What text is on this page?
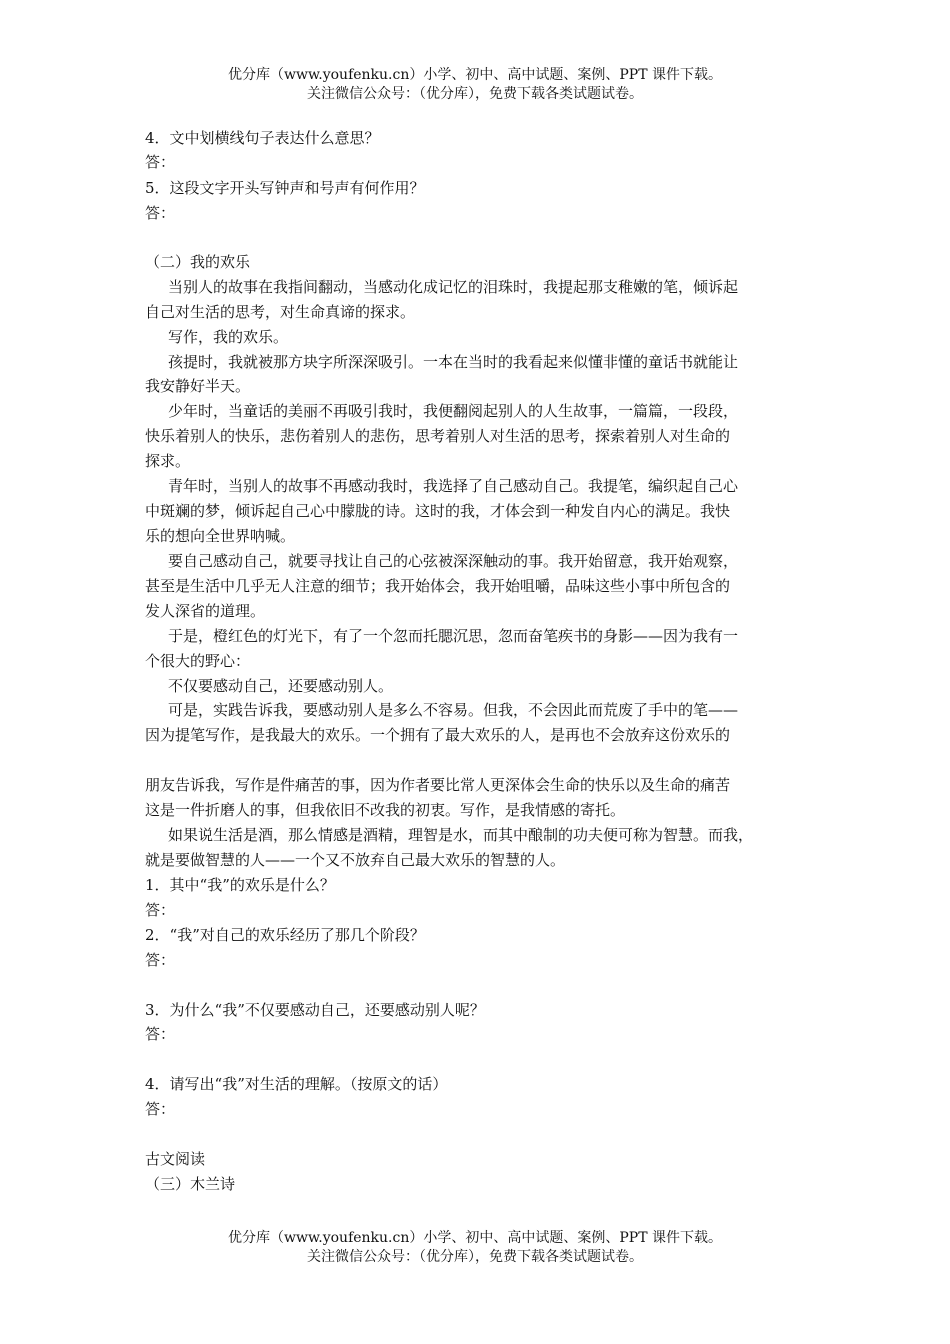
优分库（www.youfenku.cn）小学、初中、高中试题、案例、PPT 课件下载。
关注微信公众号：（优分库），免费下载各类试题试卷。
4．文中划横线句子表达什么意思？
答：
5．这段文字开头写钟声和号声有何作用？
答：
（二）我的欢乐
当别人的故事在我指间翻动，当感动化成记忆的泪珠时，我提起那支稚嫩的笔，倾诉起
自己对生活的思考，对生命真谛的探求。
写作，我的欢乐。
孩提时，我就被那方块字所深深吸引。一本在当时的我看起来似懂非懂的童话书就能让
我安静好半天。
少年时，当童话的美丽不再吸引我时，我便翻阅起别人的人生故事，一篇篇，一段段，
快乐着别人的快乐，悲伤着别人的悲伤，思考着别人对生活的思考，探索着别人对生命的
探求。
青年时，当别人的故事不再感动我时，我选择了自己感动自己。我提笔，编织起自己心
中斑斓的梦，倾诉起自己心中朦胧的诗。这时的我，才体会到一种发自内心的满足。我快
乐的想向全世界呐喊。
要自己感动自己，就要寻找让自己的心弦被深深触动的事。我开始留意，我开始观察，
甚至是生活中几乎无人注意的细节；我开始体会，我开始咀嚼，品味这些小事中所包含的
发人深省的道理。
于是，橙红色的灯光下，有了一个忽而托腮沉思，忽而奋笔疾书的身影——因为我有一
个很大的野心：
不仅要感动自己，还要感动别人。
可是，实践告诉我，要感动别人是多么不容易。但我，不会因此而荒废了手中的笔——
因为提笔写作，是我最大的欢乐。一个拥有了最大欢乐的人，是再也不会放弃这份欢乐的
朋友告诉我，写作是件痛苦的事，因为作者要比常人更深体会生命的快乐以及生命的痛苦
这是一件折磨人的事，但我依旧不改我的初衷。写作，是我情感的寄托。
如果说生活是酒，那么情感是酒精，理智是水，而其中酿制的功夫便可称为智慧。而我，
就是要做智慧的人——一个又不放弃自己最大欢乐的智慧的人。
1．其中“我”的欢乐是什么？
答：
2．“我”对自己的欢乐经历了那几个阶段？
答：
3．为什么“我”不仅要感动自己，还要感动别人呢？
答：
4．请写出“我”对生活的理解。（按原文的话）
答：
古文阅读
（三）木兰诗
优分库（www.youfenku.cn）小学、初中、高中试题、案例、PPT 课件下载。
关注微信公众号：（优分库），免费下载各类试题试卷。
